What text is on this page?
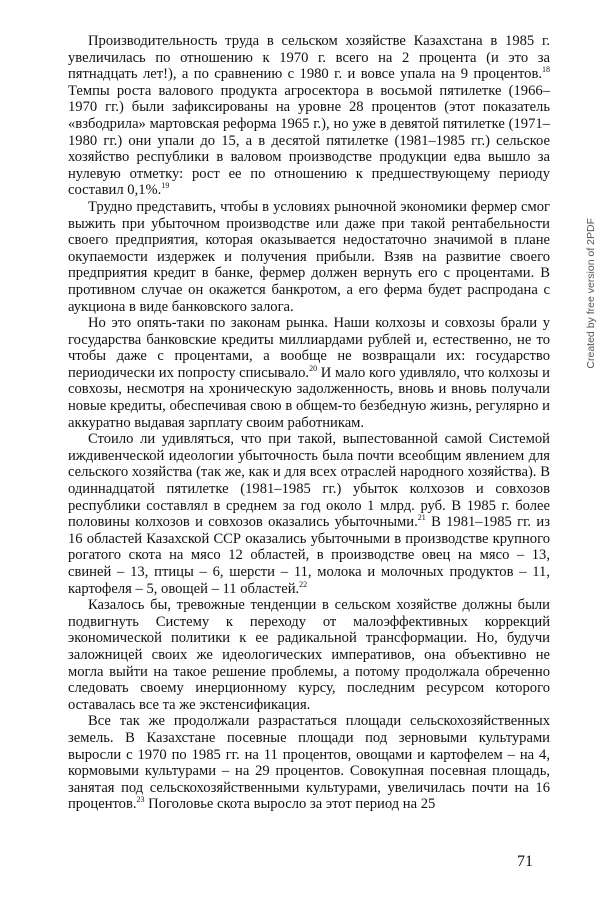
Производительность труда в сельском хозяйстве Казахстана в 1985 г. увеличилась по отношению к 1970 г. всего на 2 процента (и это за пятнадцать лет!), а по сравнению с 1980 г. и вовсе упала на 9 процентов.$^{18}$ Темпы роста валового продукта агросектора в восьмой пятилетке (1966–1970 гг.) были зафиксированы на уровне 28 процентов (этот показатель «взбодрила» мартовская реформа 1965 г.), но уже в девятой пятилетке (1971–1980 гг.) они упали до 15, а в десятой пятилетке (1981–1985 гг.) сельское хозяйство республики в валовом производстве продукции едва вышло за нулевую отметку: рост ее по отношению к предшествующему периоду составил 0,1%.$^{19}$

Трудно представить, чтобы в условиях рыночной экономики фермер смог выжить при убыточном производстве или даже при такой рентабельности своего предприятия, которая оказывается недостаточно значимой в плане окупаемости издержек и получения прибыли. Взяв на развитие своего предприятия кредит в банке, фермер должен вернуть его с процентами. В противном случае он окажется банкротом, а его ферма будет распродана с аукциона в виде банковского залога.

Но это опять-таки по законам рынка. Наши колхозы и совхозы брали у государства банковские кредиты миллиардами рублей и, естественно, не то чтобы даже с процентами, а вообще не возвращали их: государство периодически их попросту списывало.$^{20}$ И мало кого удивляло, что колхозы и совхозы, несмотря на хроническую задолженность, вновь и вновь получали новые кредиты, обеспечивая свою в общем-то безбедную жизнь, регулярно и аккуратно выдавая зарплату своим работникам.

Стоило ли удивляться, что при такой, выпестованной самой Системой иждивенческой идеологии убыточность была почти всеобщим явлением для сельского хозяйства (так же, как и для всех отраслей народного хозяйства). В одиннадцатой пятилетке (1981–1985 гг.) убыток колхозов и совхозов республики составлял в среднем за год около 1 млрд. руб. В 1985 г. более половины колхозов и совхозов оказались убыточными.$^{21}$ В 1981–1985 гг. из 16 областей Казахской ССР оказались убыточными в производстве крупного рогатого скота на мясо 12 областей, в производстве овец на мясо – 13, свиней – 13, птицы – 6, шерсти – 11, молока и молочных продуктов – 11, картофеля – 5, овощей – 11 областей.$^{22}$

Казалось бы, тревожные тенденции в сельском хозяйстве должны были подвигнуть Систему к переходу от малоэффективных коррекций экономической политики к ее радикальной трансформации. Но, будучи заложницей своих же идеологических императивов, она объективно не могла выйти на такое решение проблемы, а потому продолжала обреченно следовать своему инерционному курсу, последним ресурсом которого оставалась все та же экстенсификация.

Все так же продолжали разрастаться площади сельскохозяйственных земель. В Казахстане посевные площади под зерновыми культурами выросли с 1970 по 1985 гг. на 11 процентов, овощами и картофелем – на 4, кормовыми культурами – на 29 процентов. Совокупная посевная площадь, занятая под сельскохозяйственными культурами, увеличилась почти на 16 процентов.$^{23}$ Поголовье скота выросло за этот период на 25

71
Created by free version of 2PDF
